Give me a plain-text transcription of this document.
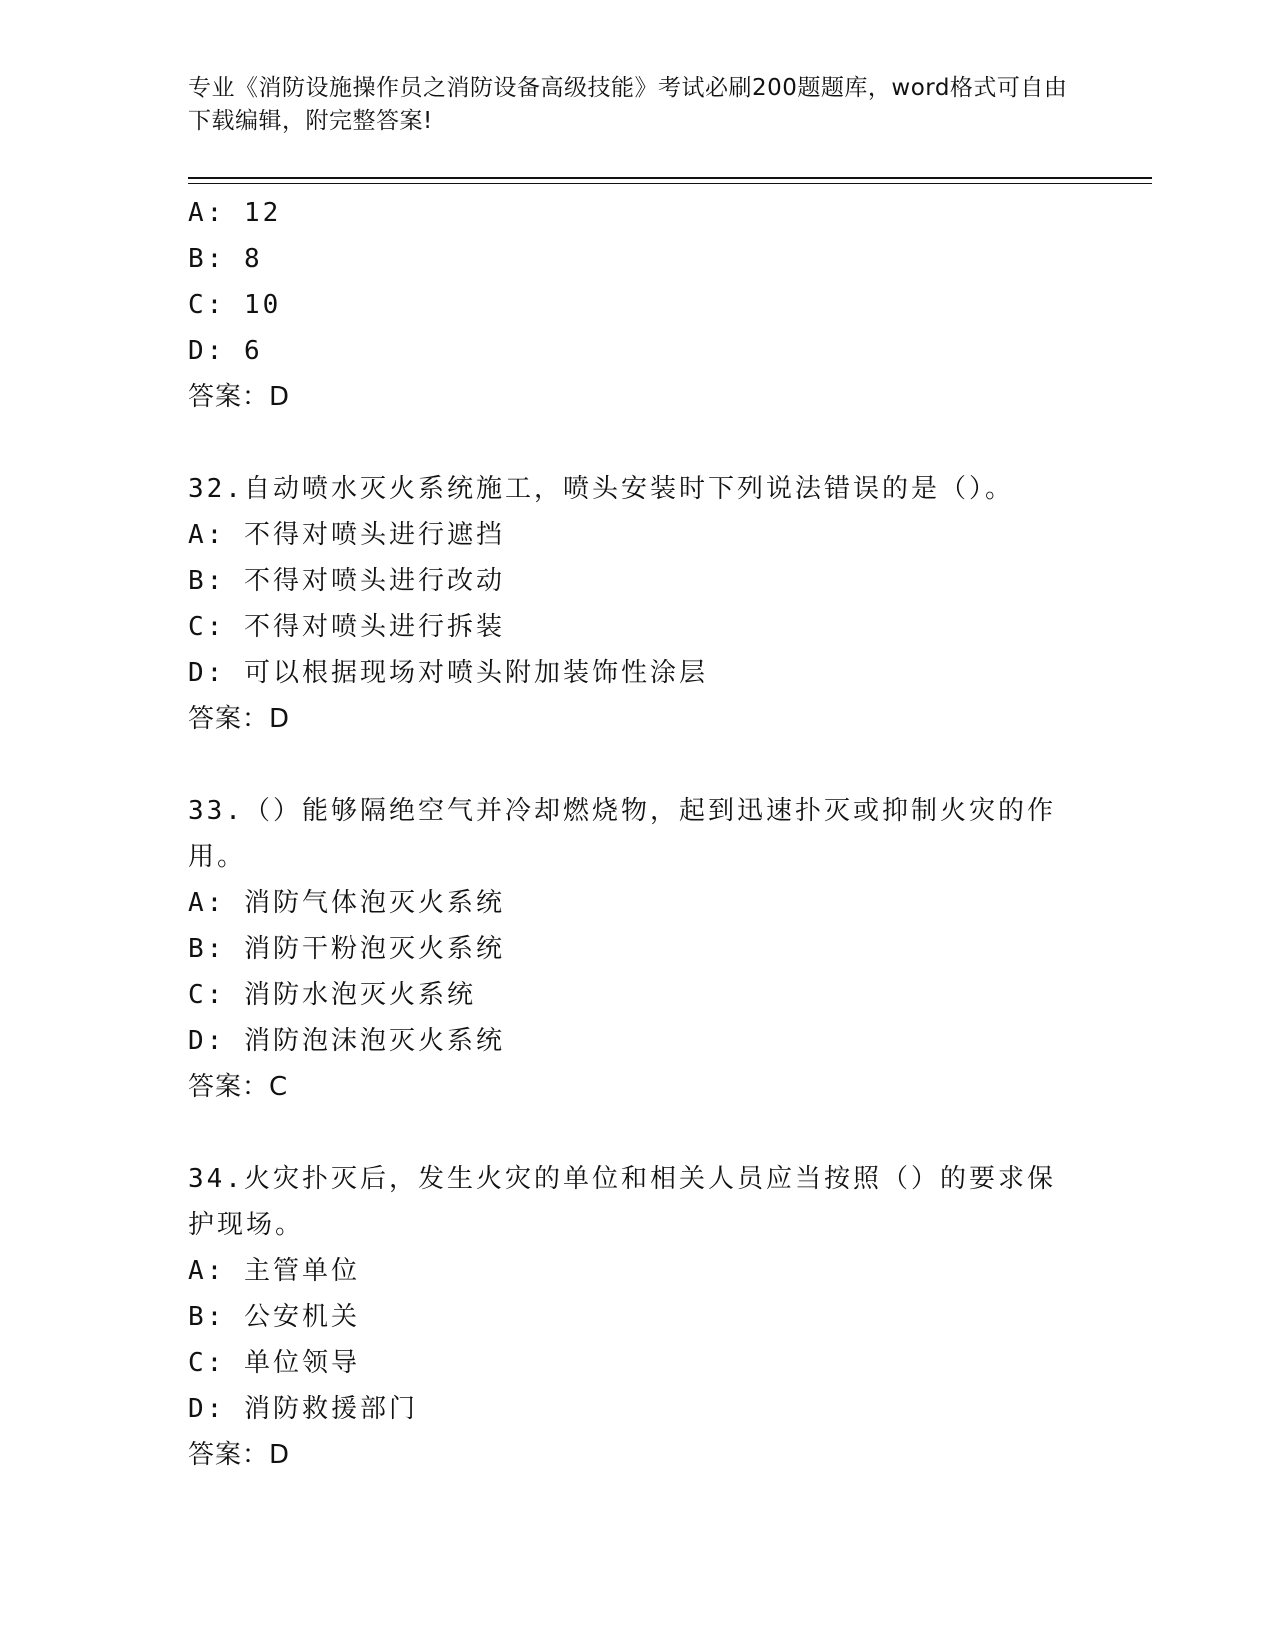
专业《消防设施操作员之消防设备高级技能》考试必刷200题题库，word格式可自由下载编辑，附完整答案!
A: 12
B: 8
C: 10
D: 6
答案：D
32.自动喷水灭火系统施工，喷头安装时下列说法错误的是（）。
A: 不得对喷头进行遮挡
B: 不得对喷头进行改动
C: 不得对喷头进行拆装
D: 可以根据现场对喷头附加装饰性涂层
答案：D
33.（）能够隔绝空气并冷却燃烧物，起到迅速扑灭或抑制火灾的作用。
A: 消防气体泡灭火系统
B: 消防干粉泡灭火系统
C: 消防水泡灭火系统
D: 消防泡沫泡灭火系统
答案：C
34.火灾扑灭后，发生火灾的单位和相关人员应当按照（）的要求保护现场。
A: 主管单位
B: 公安机关
C: 单位领导
D: 消防救援部门
答案：D
